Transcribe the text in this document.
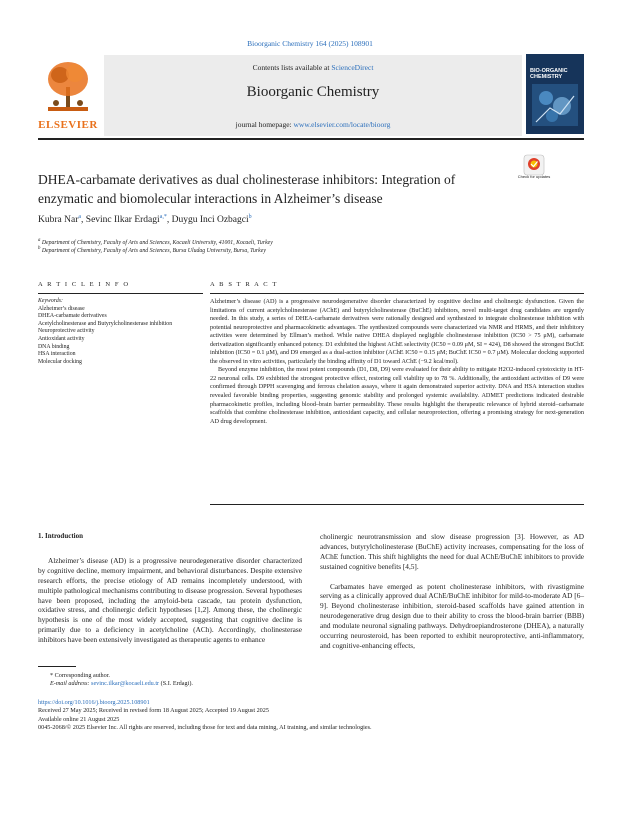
Bioorganic Chemistry 164 (2025) 108901
ELSEVIER
Contents lists available at ScienceDirect
Bioorganic Chemistry
journal homepage: www.elsevier.com/locate/bioorg
BIO-ORGANIC CHEMISTRY
DHEA-carbamate derivatives as dual cholinesterase inhibitors: Integration of enzymatic and biomolecular interactions in Alzheimer’s disease
Check for updates
Kubra Nar$^a$, Sevinc Ilkar Erdagi$^{a,*}$, Duygu Inci Ozbagci$^b$
$^a$ Department of Chemistry, Faculty of Arts and Sciences, Kocaeli University, 41001, Kocaeli, Turkey
$^b$ Department of Chemistry, Faculty of Arts and Sciences, Bursa Uludag University, Bursa, Turkey
A R T I C L E I N F O
Keywords:
Alzheimer’s disease
DHEA-carbamate derivatives
Acetylcholinesterase and Butyrylcholinesterase inhibition
Neuroprotective activity
Antioxidant activity
DNA binding
HSA interaction
Molecular docking
A B S T R A C T

Alzheimer’s disease (AD) is a progressive neurodegenerative disorder characterized by cognitive decline and cholinergic dysfunction. Given the limitations of current acetylcholinesterase (AChE) and butyrylcholinesterase (BuChE) inhibitors, novel multi-target drug candidates are urgently needed. In this study, a series of DHEA-carbamate derivatives were rationally designed and synthesized to integrate cholinesterase inhibition with potential neuroprotective and pharmacokinetic advantages. The synthesized compounds were characterized via NMR and HRMS, and their inhibitory activities were determined by Ellman’s method. While native DHEA displayed negligible cholinesterase inhibition (IC50 > 75 μM), carbamate derivatization significantly enhanced potency. D1 exhibited the highest AChE selectivity (IC50 = 0.09 μM, SI = 424), D8 showed the strongest BuChE inhibition (IC50 = 0.1 μM), and D9 emerged as a dual-action inhibitor (AChE IC50 = 0.15 μM; BuChE IC50 = 0.7 μM). Molecular docking supported the observed in vitro activities, particularly the binding affinity of D1 toward AChE (−9.2 kcal/mol).

Beyond enzyme inhibition, the most potent compounds (D1, D8, D9) were evaluated for their ability to mitigate H2O2-induced cytotoxicity in HT-22 neuronal cells. D9 exhibited the strongest protective effect, restoring cell viability up to 78 %. Additionally, the antioxidant activities of D9 were confirmed through DPPH scavenging and ferrous chelation assays, where it again demonstrated superior activity. DNA and HSA interaction studies revealed favorable binding properties, suggesting genomic stability and prolonged systemic availability. ADMET predictions indicated desirable pharmacokinetic profiles, including blood–brain barrier permeability. These results highlight the therapeutic relevance of hybrid steroid–carbamate scaffolds that combine cholinesterase inhibition, antioxidant capacity, and cellular neuroprotection, offering a promising strategy for next-generation AD drug development.

1. Introduction

Alzheimer’s disease (AD) is a progressive neurodegenerative disorder characterized by cognitive decline, memory impairment, and behavioral disturbances. Despite extensive research efforts, the precise etiology of AD remains incompletely understood, with multiple pathological mechanisms contributing to disease progression. Several hypotheses have been proposed, including the amyloid-beta cascade, tau protein dysfunction, oxidative stress, and cholinergic deficit hypotheses [1,2]. Among these, the cholinergic hypothesis is one of the most widely accepted, suggesting that cognitive decline is primarily due to a deficiency in acetylcholine (ACh). Accordingly, cholinesterase inhibitors have been extensively investigated as therapeutic agents to enhance

cholinergic neurotransmission and slow disease progression [3]. However, as AD advances, butyrylcholinesterase (BuChE) activity increases, compensating for the loss of AChE function. This shift highlights the need for dual AChE/BuChE inhibitors to provide sustained cognitive benefits [4,5].

Carbamates have emerged as potent cholinesterase inhibitors, with rivastigmine serving as a clinically approved dual AChE/BuChE inhibitor for mild-to-moderate AD [6–9]. Beyond cholinesterase inhibition, steroid-based scaffolds have gained attention in neurodegenerative drug design due to their ability to cross the blood-brain barrier (BBB) and modulate neuronal signaling pathways. Dehydroepiandrosterone (DHEA), a naturally occurring neurosteroid, has been reported to exhibit neuroprotective, anti-inflammatory, and cognitive-enhancing effects,

* Corresponding author.
E-mail address: sevinc.ilkar@kocaeli.edu.tr (S.I. Erdagi).
https://doi.org/10.1016/j.bioorg.2025.108901
Received 27 May 2025; Received in revised form 18 August 2025; Accepted 19 August 2025
Available online 21 August 2025
0045-2068/© 2025 Elsevier Inc. All rights are reserved, including those for text and data mining, AI training, and similar technologies.
